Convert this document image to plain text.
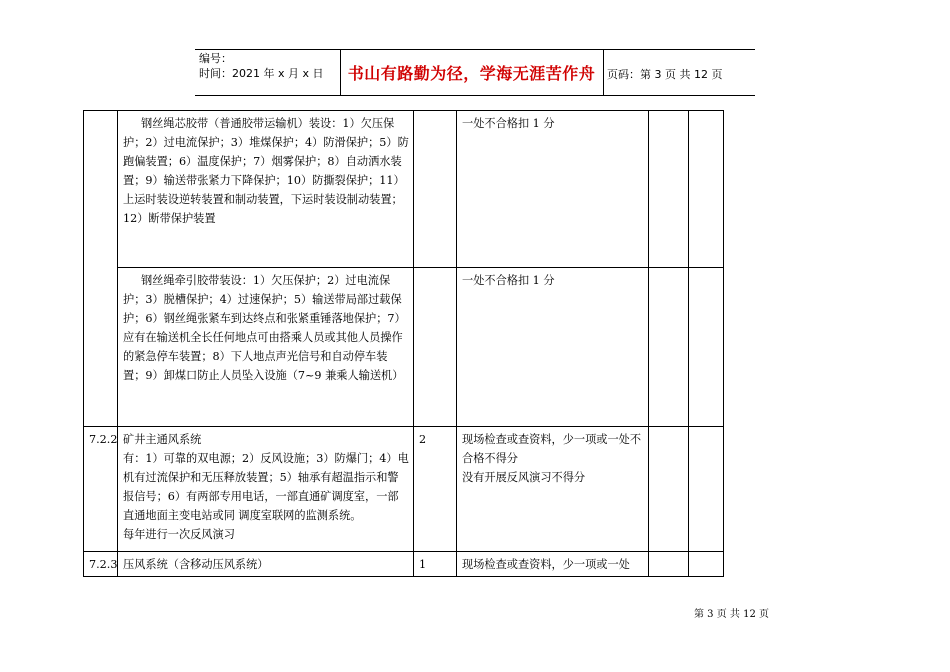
编号：
时间：2021 年 x 月 x 日	书山有路勤为径，学海无涯苦作舟	页码：第 3 页 共 12 页
	钢丝绳芯胶带（普通胶带运输机）装设：1）欠压保护；2）过电流保护；3）堆煤保护；4）防滑保护；5）防跑偏装置；6）温度保护；7）烟雾保护；8）自动洒水装置；9）输送带张紧力下降保护；10）防撕裂保护；11）上运时装设逆转装置和制动装置，下运时装设制动装置；12）断带保护装置		一处不合格扣 1 分		
	钢丝绳牵引胶带装设：1）欠压保护；2）过电流保护；3）脱槽保护；4）过速保护；5）输送带局部过载保护；6）钢丝绳张紧车到达终点和张紧重锤落地保护；7）应有在输送机全长任何地点可由搭乘人员或其他人员操作的紧急停车装置；8）下人地点声光信号和自动停车装置；9）卸煤口防止人员坠入设施（7~9 兼乘人输送机）		一处不合格扣 1 分		
7.2.2	矿井主通风系统
有：1）可靠的双电源；2）反风设施；3）防爆门；4）电机有过流保护和无压释放装置；5）轴承有超温指示和警报信号；6）有两部专用电话，一部直通矿调度室，一部直通地面主变电站或同 调度室联网的监测系统。
每年进行一次反风演习	2	现场检查或查资料，少一项或一处不合格不得分
没有开展反风演习不得分		
7.2.3	压风系统（含移动压风系统）	1	现场检查或查资料，少一项或一处		
第 3 页 共 12 页
